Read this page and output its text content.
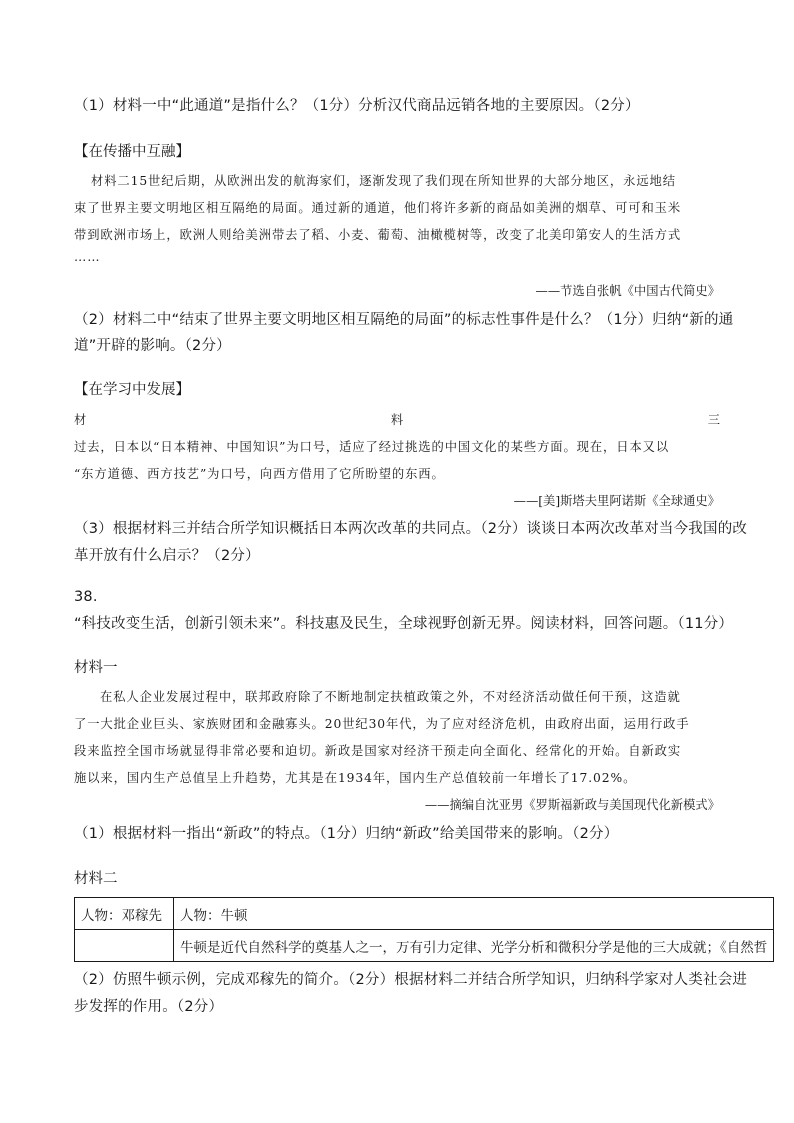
（1）材料一中“此通道”是指什么？（1分）分析汉代商品远销各地的主要原因。（2分）
【在传播中互融】
材料二15世纪后期，从欧洲出发的航海家们，逐渐发现了我们现在所知世界的大部分地区，永远地结
束了世界主要文明地区相互隔绝的局面。通过新的通道，他们将许多新的商品如美洲的烟草、可可和玉米
带到欧洲市场上，欧洲人则给美洲带去了稻、小麦、葡萄、油橄榄树等，改变了北美印第安人的生活方式
……
——节选自张帆《中国古代简史》
（2）材料二中“结束了世界主要文明地区相互隔绝的局面”的标志性事件是什么？（1分）归纳“新的通
道”开辟的影响。（2分）
【在学习中发展】
材	料	三
过去，日本以“日本精神、中国知识”为口号，适应了经过挑选的中国文化的某些方面。现在，日本又以
“东方道德、西方技艺”为口号，向西方借用了它所盼望的东西。
——[美]斯塔夫里阿诺斯《全球通史》
（3）根据材料三并结合所学知识概括日本两次改革的共同点。（2分）谈谈日本两次改革对当今我国的改
革开放有什么启示？（2分）
38.
“科技改变生活，创新引领未来”。科技惠及民生，全球视野创新无界。阅读材料，回答问题。（11分）
材料一
在私人企业发展过程中，联邦政府除了不断地制定扶植政策之外，不对经济活动做任何干预，这造就
了一大批企业巨头、家族财团和金融寡头。20世纪30年代，为了应对经济危机，由政府出面，运用行政手
段来监控全国市场就显得非常必要和迫切。新政是国家对经济干预走向全面化、经常化的开始。自新政实
施以来，国内生产总值呈上升趋势，尤其是在1934年，国内生产总值较前一年增长了17.02%。
——摘编自沈亚男《罗斯福新政与美国现代化新模式》
（1）根据材料一指出“新政”的特点。（1分）归纳“新政”给美国带来的影响。（2分）
材料二
人物：邓稼先	人物：牛顿
	牛顿是近代自然科学的奠基人之一，万有引力定律、光学分析和微积分学是他的三大成就；《自然哲
（2）仿照牛顿示例，完成邓稼先的简介。（2分）根据材料二并结合所学知识，归纳科学家对人类社会进
步发挥的作用。（2分）
